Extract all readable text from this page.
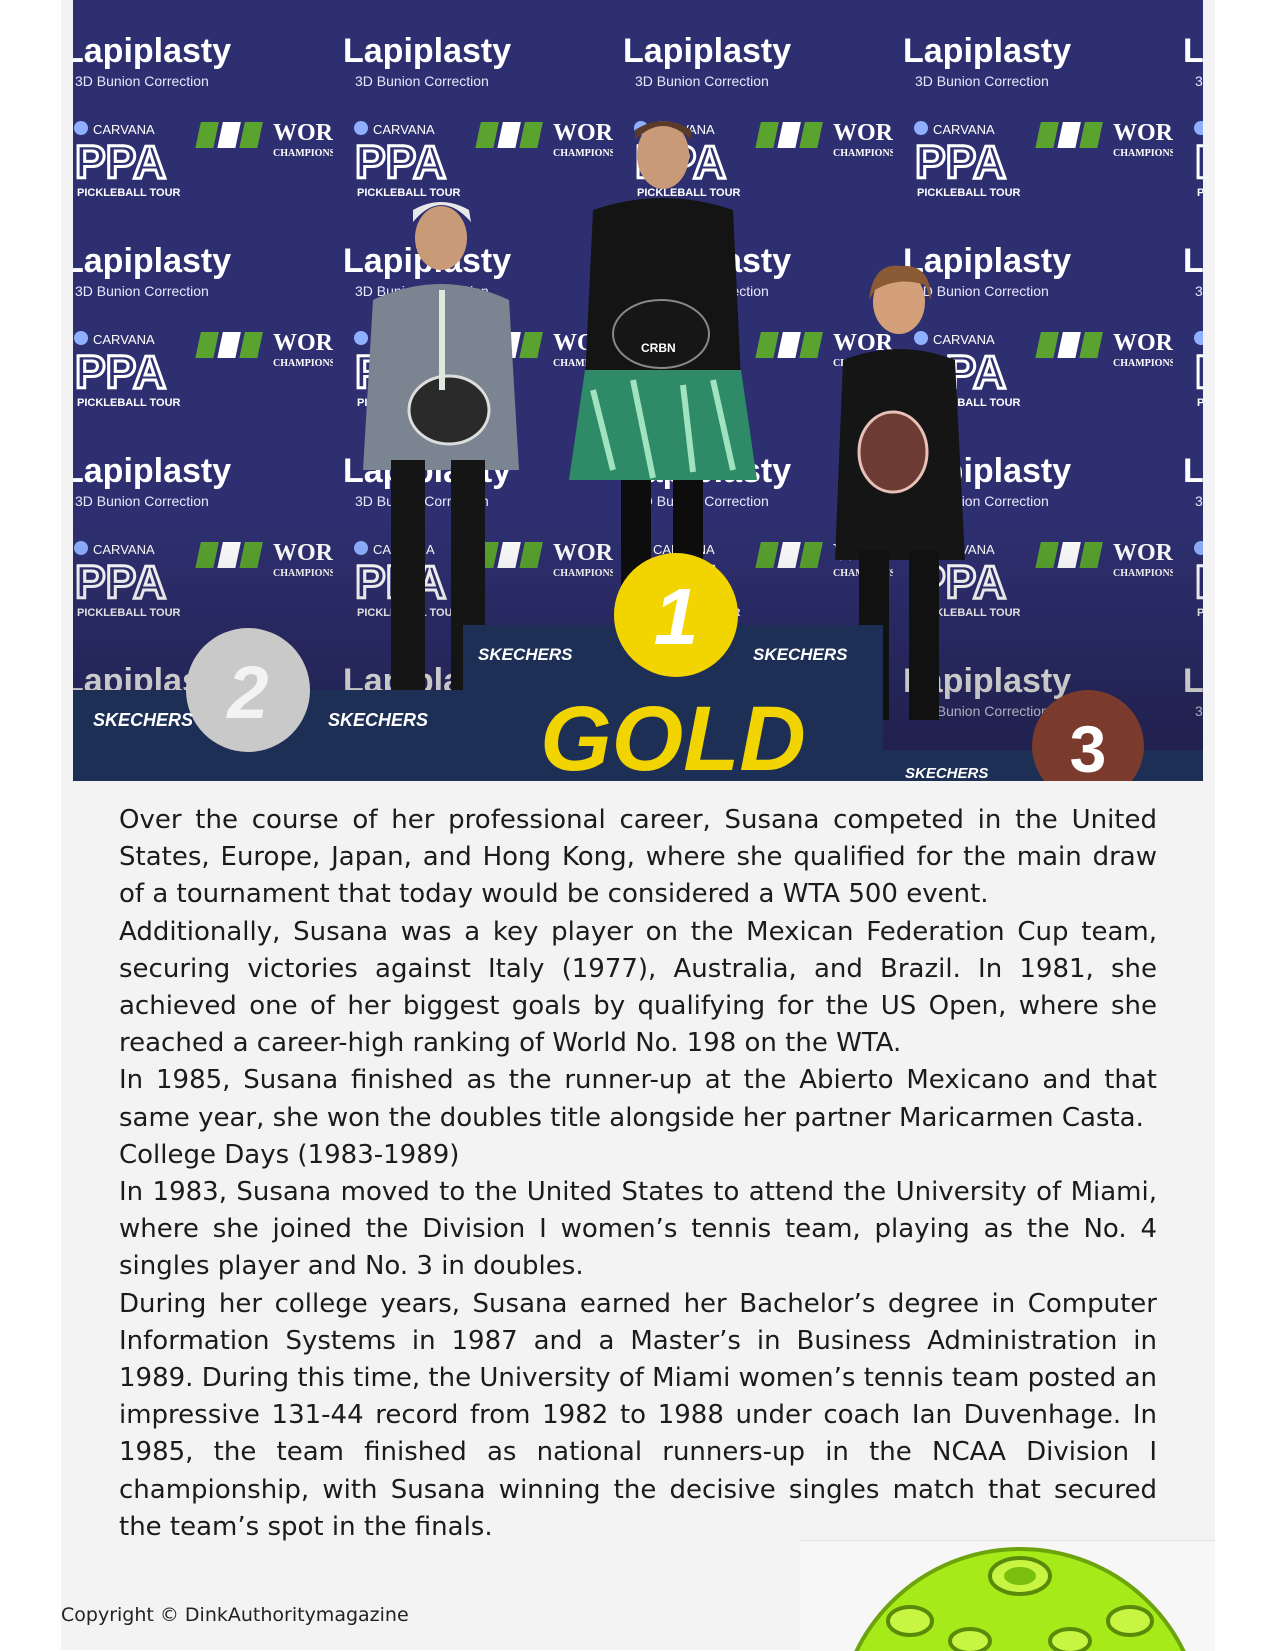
CRBN
2
SKECHERS	SKECHERS
1
SKECHERS	SKECHERS
GOLD	3
SKECHERS

Over the course of her professional career, Susana competed in the United States, Europe, Japan, and Hong Kong, where she qualified for the main draw of a tournament that today would be considered a WTA 500 event.

Additionally, Susana was a key player on the Mexican Federation Cup team, securing victories against Italy (1977), Australia, and Brazil. In 1981, she achieved one of her biggest goals by qualifying for the US Open, where she reached a career-high ranking of World No. 198 on the WTA.

In 1985, Susana finished as the runner-up at the Abierto Mexicano and that same year, she won the doubles title alongside her partner Maricarmen Casta.

College Days (1983-1989)

In 1983, Susana moved to the United States to attend the University of Miami, where she joined the Division I women’s tennis team, playing as the No. 4 singles player and No. 3 in doubles.

During her college years, Susana earned her Bachelor’s degree in Computer Information Systems in 1987 and a Master’s in Business Administration in 1989. During this time, the University of Miami women’s tennis team posted an impressive 131-44 record from 1982 to 1988 under coach Ian Duvenhage. In 1985, the team finished as national runners-up in the NCAA Division I championship, with Susana winning the decisive singles match that secured the team’s spot in the finals.

Copyright © DinkAuthoritymagazine
